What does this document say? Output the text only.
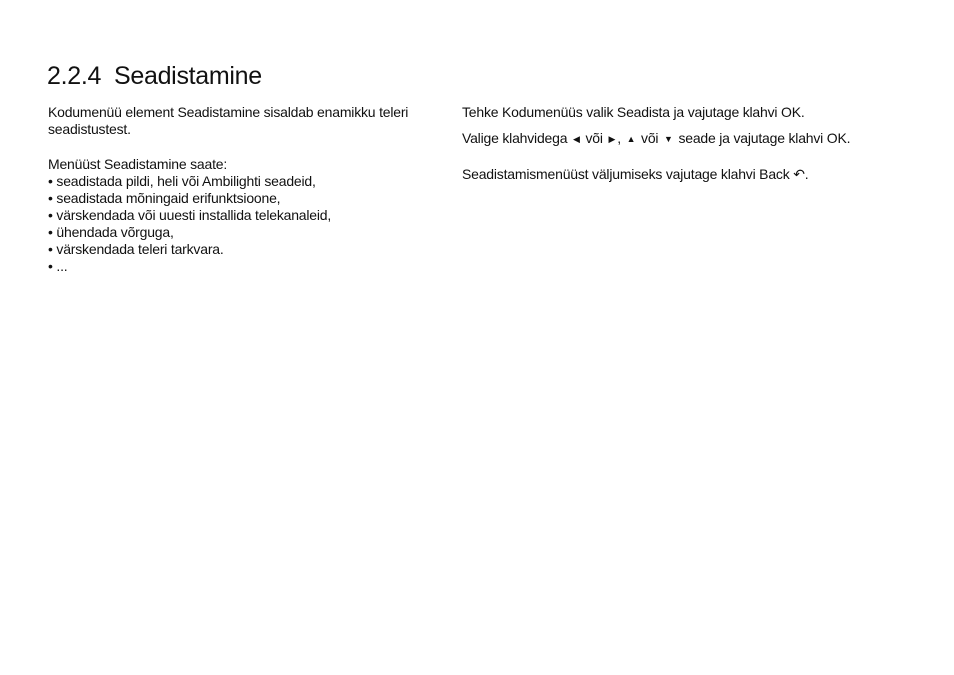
2.2.4 Seadistamine

Kodumenüü element Seadistamine sisaldab enamikku teleri seadistustest.

Menüüst Seadistamine saate:

• seadistada pildi, heli või Ambilighti seadeid,

• seadistada mõningaid erifunktsioone,

• värskendada või uuesti installida telekanaleid,

• ühendada võrguga,

• värskendada teleri tarkvara.

• ...

Tehke Kodumenüüs valik Seadista ja vajutage klahvi OK.

Valige klahvidega ◀ või ▶ , ▲ või ▼ seade ja vajutage klahvi OK.

Seadistamismenüüst väljumiseks vajutage klahvi Back ↶.
